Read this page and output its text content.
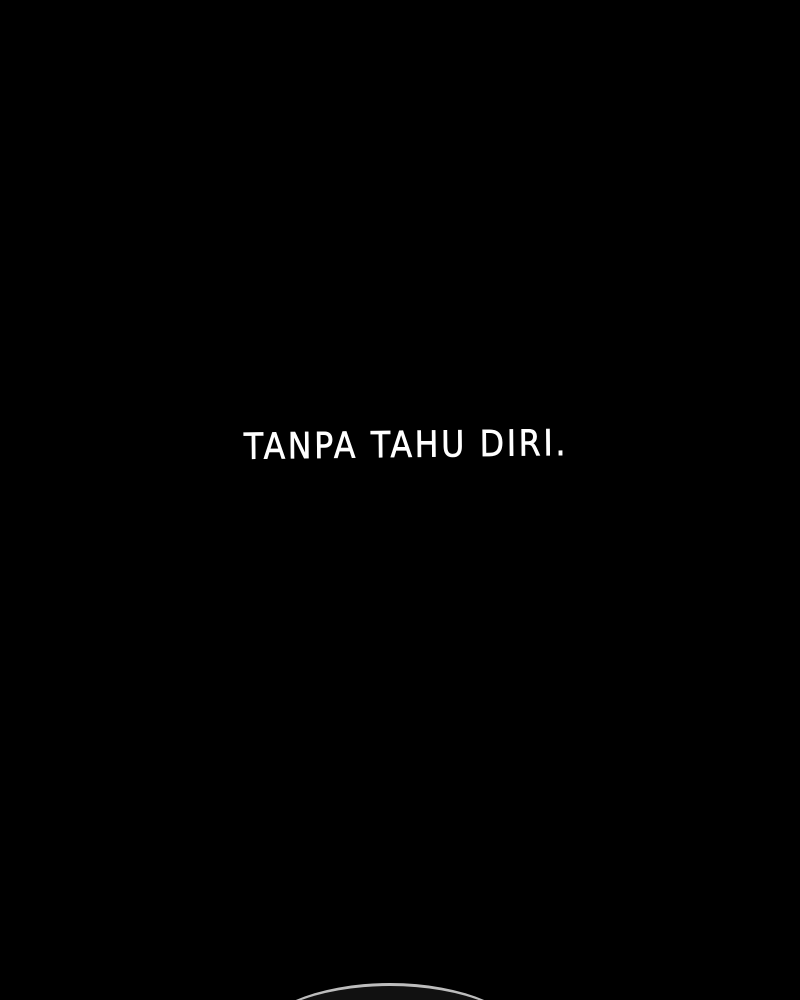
TANPA TAHU DIRI.
